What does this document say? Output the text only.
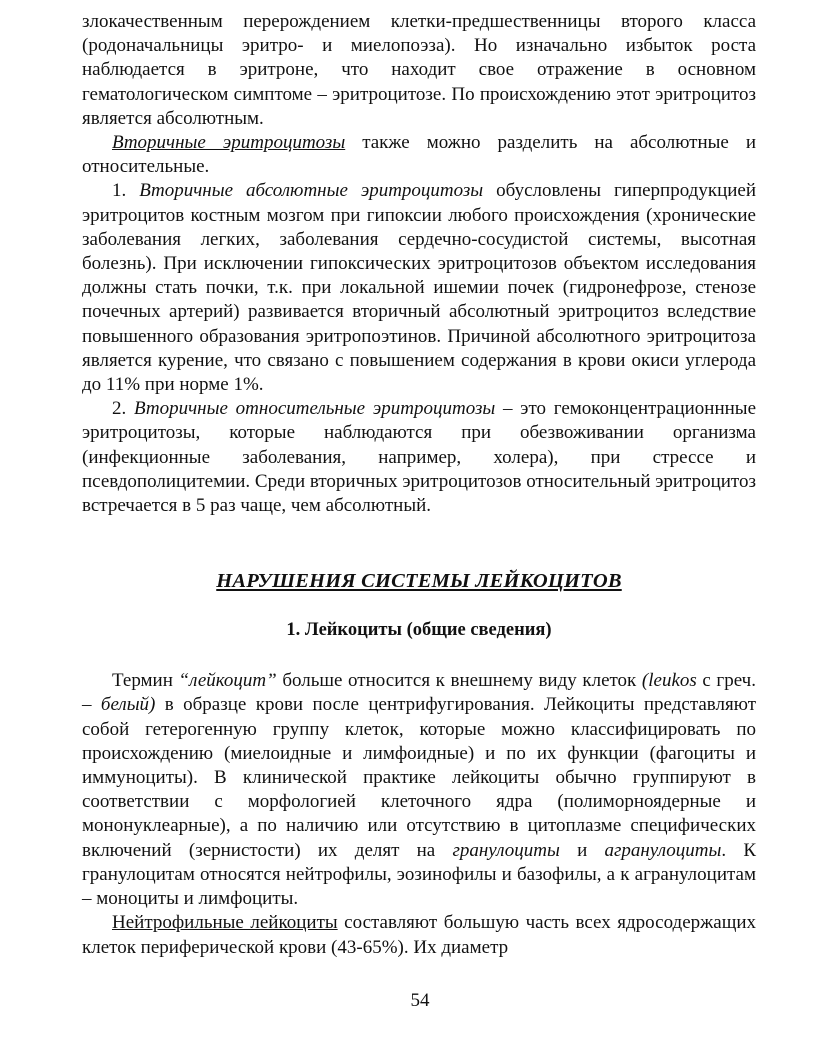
злокачественным перерождением клетки-предшественницы второго класса (родоначальницы эритро- и миелопоэза). Но изначально избыток роста наблюдается в эритроне, что находит свое отражение в основном гематологическом симптоме – эритроцитозе. По происхождению этот эритроцитоз является абсолютным.

Вторичные эритроцитозы также можно разделить на абсолютные и относительные.

1. Вторичные абсолютные эритроцитозы обусловлены гиперпродукцией эритроцитов костным мозгом при гипоксии любого происхождения (хронические заболевания легких, заболевания сердечно-сосудистой системы, высотная болезнь). При исключении гипоксических эритроцитозов объектом исследования должны стать почки, т.к. при локальной ишемии почек (гидронефрозе, стенозе почечных артерий) развивается вторичный абсолютный эритроцитоз вследствие повышенного образования эритропоэтинов. Причиной абсолютного эритроцитоза является курение, что связано с повышением содержания в крови окиси углерода до 11% при норме 1%.

2. Вторичные относительные эритроцитозы – это гемоконцентрационнные эритроцитозы, которые наблюдаются при обезвоживании организма (инфекционные заболевания, например, холера), при стрессе и псевдополицитемии. Среди вторичных эритроцитозов относительный эритроцитоз встречается в 5 раз чаще, чем абсолютный.

НАРУШЕНИЯ СИСТЕМЫ ЛЕЙКОЦИТОВ
1. Лейкоциты (общие сведения)

Термин “лейкоцит” больше относится к внешнему виду клеток (leukos с греч. – белый) в образце крови после центрифугирования. Лейкоциты представляют собой гетерогенную группу клеток, которые можно классифицировать по происхождению (миелоидные и лимфоидные) и по их функции (фагоциты и иммуноциты). В клинической практике лейкоциты обычно группируют в соответствии с морфологией клеточного ядра (полиморноядерные и мононуклеарные), а по наличию или отсутствию в цитоплазме специфических включений (зернистости) их делят на гранулоциты и агранулоциты. К гранулоцитам относятся нейтрофилы, эозинофилы и базофилы, а к агранулоцитам – моноциты и лимфоциты.

Нейтрофильные лейкоциты составляют большую часть всех ядросодержащих клеток периферической крови (43-65%). Их диаметр

54
